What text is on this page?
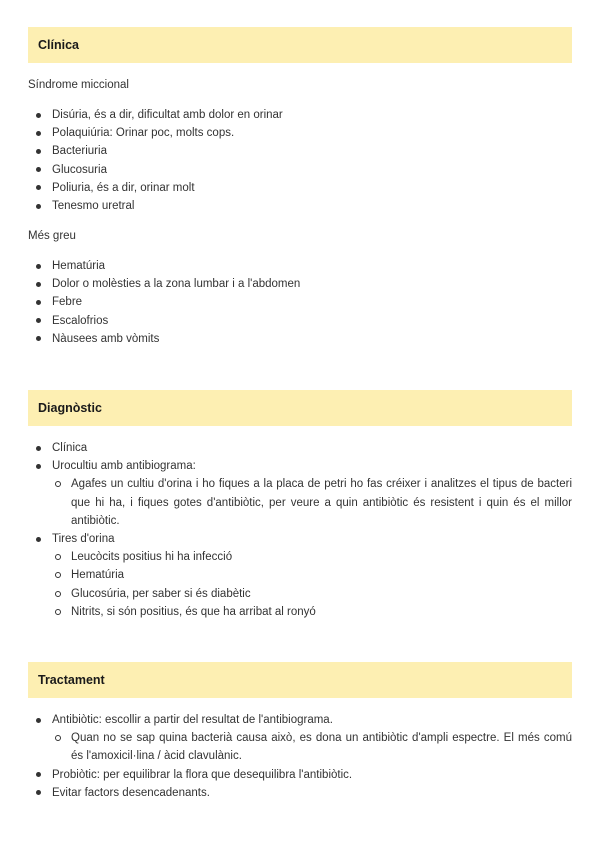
Clínica

Síndrome miccional

Disúria, és a dir, dificultat amb dolor en orinar
Polaquiúria: Orinar poc, molts cops.
Bacteriuria
Glucosuria
Poliuria, és a dir, orinar molt
Tenesmo uretral

Més greu

Hematúria
Dolor o molèsties a la zona lumbar i a l'abdomen
Febre
Escalofrios
Nàusees amb vòmits
Diagnòstic
Clínica
Urocultiu amb antibiograma:
Agafes un cultiu d'orina i ho fiques a la placa de petri ho fas créixer i analitzes el tipus de bacteri que hi ha, i fiques gotes d'antibiòtic, per veure a quin antibiòtic és resistent i quin és el millor antibiòtic.
Tires d'orina
Leucòcits positius hi ha infecció
Hematúria
Glucosúria, per saber si és diabètic
Nitrits, si són positius, és que ha arribat al ronyó
Tractament
Antibiòtic: escollir a partir del resultat de l'antibiograma.
Quan no se sap quina bacterià causa això, es dona un antibiòtic d'ampli espectre. El més comú és l'amoxicil·lina / àcid clavulànic.
Probiòtic: per equilibrar la flora que desequilibra l'antibiòtic.
Evitar factors desencadenants.
